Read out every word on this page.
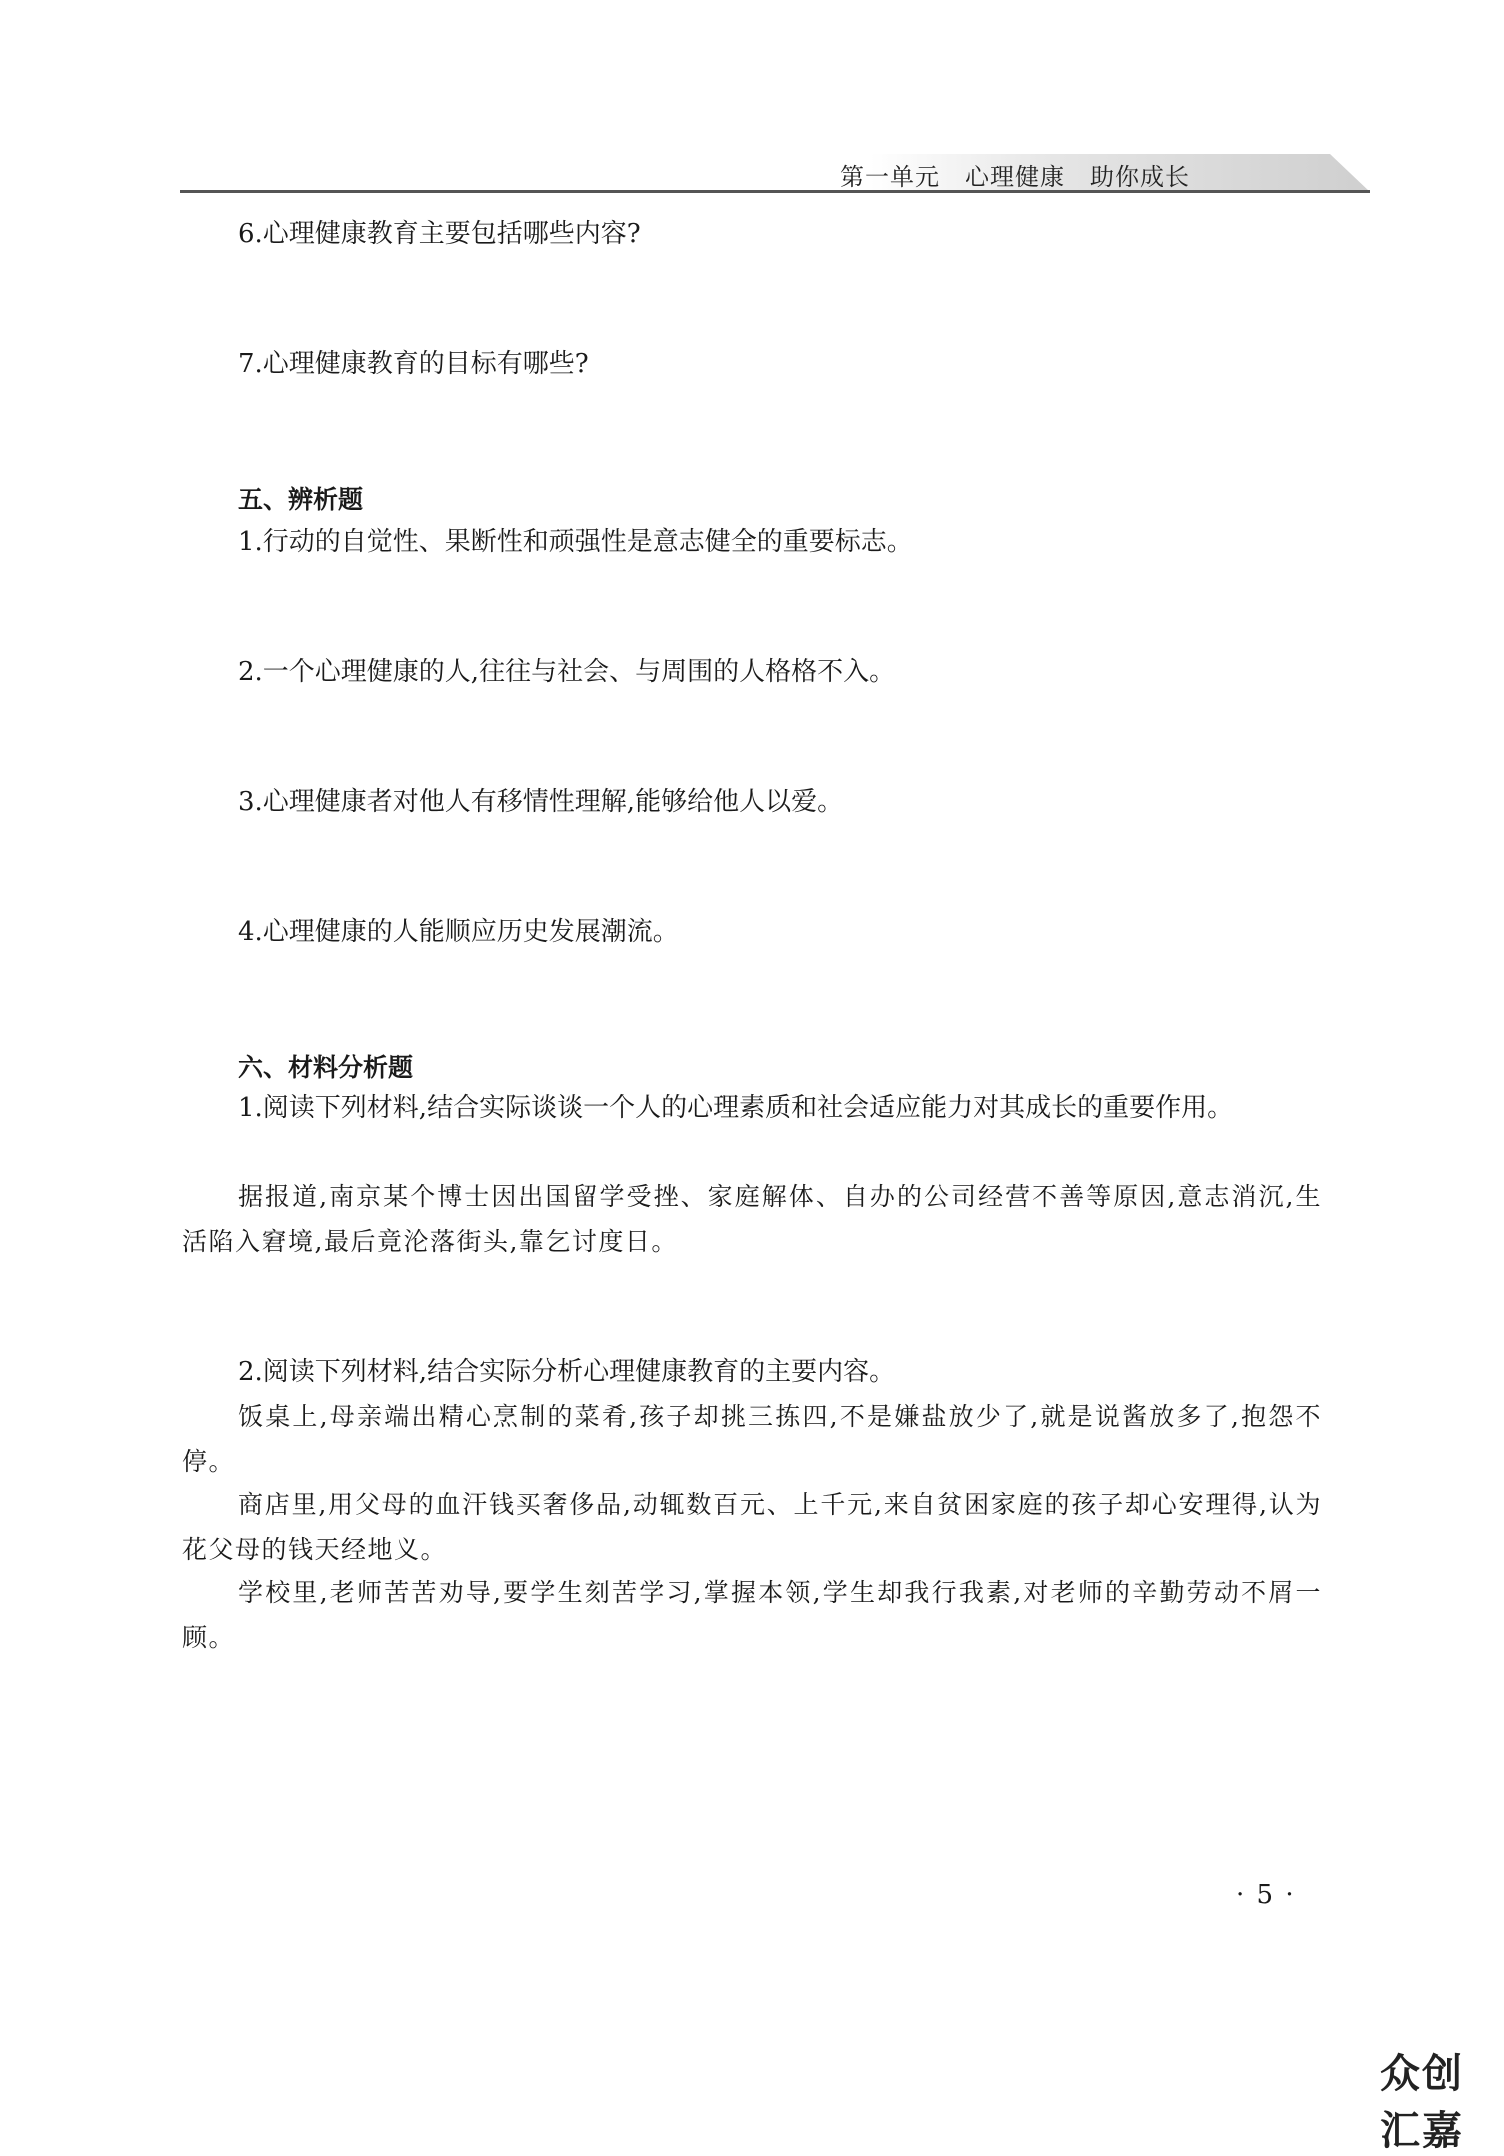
第一单元　心理健康　助你成长

6.心理健康教育主要包括哪些内容?

7.心理健康教育的目标有哪些?

五、辨析题

1.行动的自觉性、果断性和顽强性是意志健全的重要标志。

2.一个心理健康的人,往往与社会、与周围的人格格不入。

3.心理健康者对他人有移情性理解,能够给他人以爱。

4.心理健康的人能顺应历史发展潮流。

六、材料分析题

1.阅读下列材料,结合实际谈谈一个人的心理素质和社会适应能力对其成长的重要作用。

据报道,南京某个博士因出国留学受挫、家庭解体、自办的公司经营不善等原因,意志消沉,生活陷入窘境,最后竟沦落街头,靠乞讨度日。

2.阅读下列材料,结合实际分析心理健康教育的主要内容。

饭桌上,母亲端出精心烹制的菜肴,孩子却挑三拣四,不是嫌盐放少了,就是说酱放多了,抱怨不停。

商店里,用父母的血汗钱买奢侈品,动辄数百元、上千元,来自贫困家庭的孩子却心安理得,认为花父母的钱天经地义。

学校里,老师苦苦劝导,要学生刻苦学习,掌握本领,学生却我行我素,对老师的辛勤劳动不屑一顾。

· 5 ·
众创汇嘉
